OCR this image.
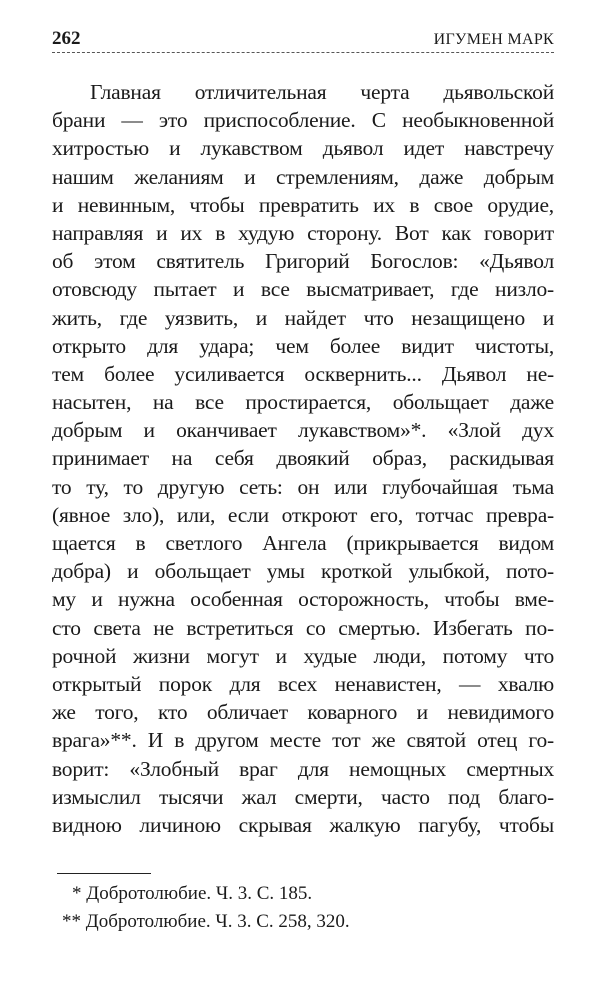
262	ИГУМЕН МАРК
Главная отличительная черта дьявольской
брани — это приспособление. С необыкновенной
хитростью и лукавством дьявол идет навстречу
нашим желаниям и стремлениям, даже добрым
и невинным, чтобы превратить их в свое орудие,
направляя и их в худую сторону. Вот как говорит
об этом святитель Григорий Богослов: «Дьявол
отовсюду пытает и все высматривает, где низло-
жить, где уязвить, и найдет что незащищено и
открыто для удара; чем более видит чистоты,
тем более усиливается осквернить... Дьявол не-
насытен, на все простирается, обольщает даже
добрым и оканчивает лукавством»*. «Злой дух
принимает на себя двоякий образ, раскидывая
то ту, то другую сеть: он или глубочайшая тьма
(явное зло), или, если откроют его, тотчас превра-
щается в светлого Ангела (прикрывается видом
добра) и обольщает умы кроткой улыбкой, пото-
му и нужна особенная осторожность, чтобы вме-
сто света не встретиться со смертью. Избегать по-
рочной жизни могут и худые люди, потому что
открытый порок для всех ненавистен, — хвалю
же того, кто обличает коварного и невидимого
врага»**. И в другом месте тот же святой отец го-
ворит: «Злобный враг для немощных смертных
измыслил тысячи жал смерти, часто под благо-
видною личиною скрывая жалкую пагубу, чтобы
* Добротолюбие. Ч. 3. С. 185.
** Добротолюбие. Ч. 3. С. 258, 320.
